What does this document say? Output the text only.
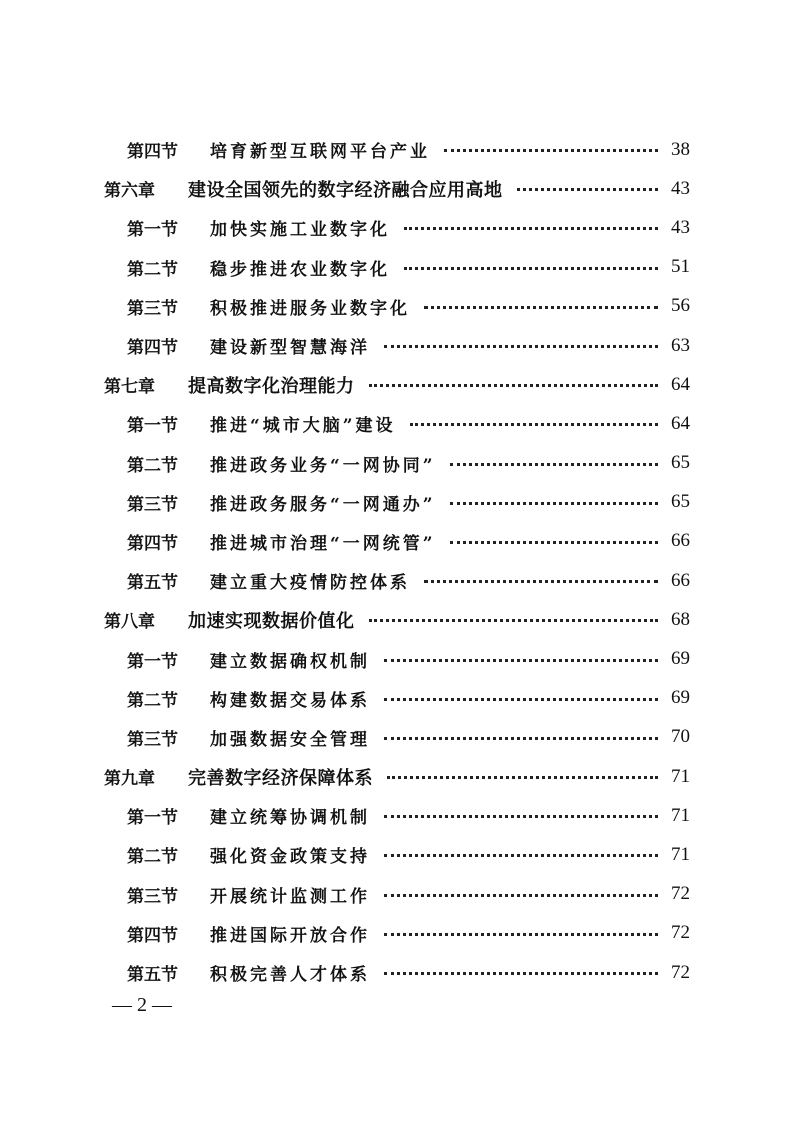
第四节	培育新型互联网平台产业	38
第六章	建设全国领先的数字经济融合应用高地	43
第一节	加快实施工业数字化	43
第二节	稳步推进农业数字化	51
第三节	积极推进服务业数字化	56
第四节	建设新型智慧海洋	63
第七章	提高数字化治理能力	64
第一节	推进“城市大脑”建设	64
第二节	推进政务业务“一网协同”	65
第三节	推进政务服务“一网通办”	65
第四节	推进城市治理“一网统管”	66
第五节	建立重大疫情防控体系	66
第八章	加速实现数据价值化	68
第一节	建立数据确权机制	69
第二节	构建数据交易体系	69
第三节	加强数据安全管理	70
第九章	完善数字经济保障体系	71
第一节	建立统筹协调机制	71
第二节	强化资金政策支持	71
第三节	开展统计监测工作	72
第四节	推进国际开放合作	72
第五节	积极完善人才体系	72
— 2 —
